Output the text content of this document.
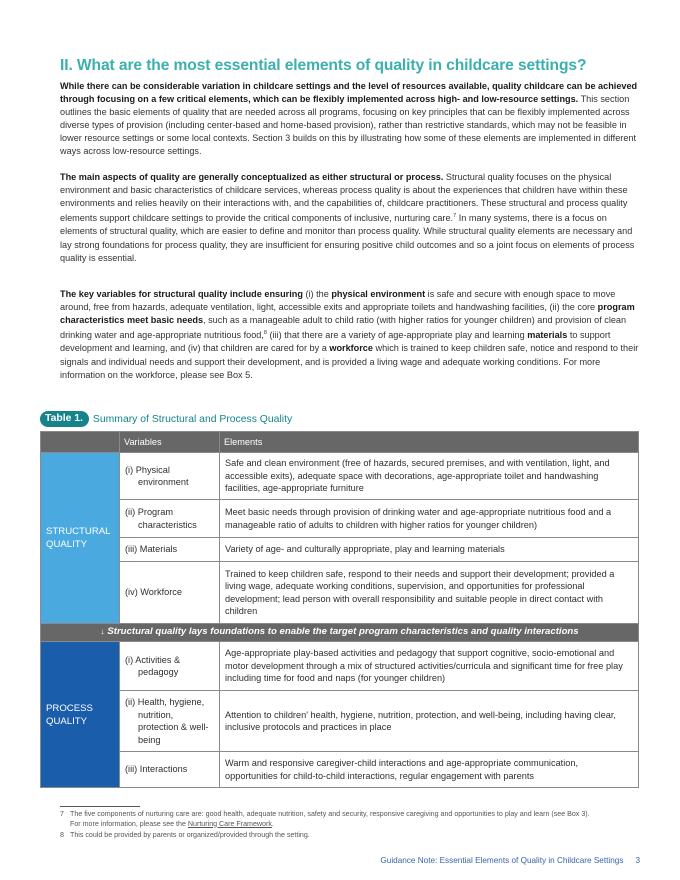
II. What are the most essential elements of quality in childcare settings?

While there can be considerable variation in childcare settings and the level of resources available, quality childcare can be achieved through focusing on a few critical elements, which can be flexibly implemented across high- and low-resource settings. This section outlines the basic elements of quality that are needed across all programs, focusing on key principles that can be flexibly implemented across diverse types of provision (including center-based and home-based provision), rather than restrictive standards, which may not be feasible in lower resource settings or some local contexts. Section 3 builds on this by illustrating how some of these elements are implemented in different ways across low-resource settings.

The main aspects of quality are generally conceptualized as either structural or process. Structural quality focuses on the physical environment and basic characteristics of childcare services, whereas process quality is about the experiences that children have within these environments and relies heavily on their interactions with, and the capabilities of, childcare practitioners. These structural and process quality elements support childcare settings to provide the critical components of inclusive, nurturing care.$^7$ In many systems, there is a focus on elements of structural quality, which are easier to define and monitor than process quality. While structural quality elements are necessary and lay strong foundations for process quality, they are insufficient for ensuring positive child outcomes and so a joint focus on elements of process quality is essential.

The key variables for structural quality include ensuring (i) the physical environment is safe and secure with enough space to move around, free from hazards, adequate ventilation, light, accessible exits and appropriate toilets and handwashing facilities, (ii) the core program characteristics meet basic needs, such as a manageable adult to child ratio (with higher ratios for younger children) and provision of clean drinking water and age-appropriate nutritious food,$^8$ (iii) that there are a variety of age-appropriate play and learning materials to support development and learning, and (iv) that children are cared for by a workforce which is trained to keep children safe, notice and respond to their signals and individual needs and support their development, and is provided a living wage and adequate working conditions. For more information on the workforce, please see Box 5.

Table 1. Summary of Structural and Process Quality
	Variables	Elements
STRUCTURAL QUALITY	(i) Physical environment	Safe and clean environment (free of hazards, secured premises, and with ventilation, light, and accessible exits), adequate space with decorations, age-appropriate toilet and handwashing facilities, age-appropriate furniture

	(ii) Program characteristics	Meet basic needs through provision of drinking water and age-appropriate nutritious food and a manageable ratio of adults to children with higher ratios for younger children)

	(iii) Materials	Variety of age- and culturally appropriate, play and learning materials

	(iv) Workforce	Trained to keep children safe, respond to their needs and support their development; provided a living wage, adequate working conditions, supervision, and opportunities for professional development; lead person with overall responsibility and suitable people in direct contact with children
↓ Structural quality lays foundations to enable the target program characteristics and quality interactions		
PROCESS QUALITY	(i) Activities & pedagogy	Age-appropriate play-based activities and pedagogy that support cognitive, socio-emotional and motor development through a mix of structured activities/curricula and significant time for free play including time for food and naps (for younger children)

	(ii) Health, hygiene, nutrition, protection & well-being	Attention to children' health, hygiene, nutrition, protection, and well-being, including having clear, inclusive protocols and practices in place

	(iii) Interactions	Warm and responsive caregiver-child interactions and age-appropriate communication, opportunities for child-to-child interactions, regular engagement with parents

7 The five components of nurturing care are: good health, adequate nutrition, safety and security, responsive caregiving and opportunities to play and learn (see Box 3).
For more information, please see the Nurturing Care Framework.

8 This could be provided by parents or organized/provided through the setting.

Guidance Note: Essential Elements of Quality in Childcare Settings 3
